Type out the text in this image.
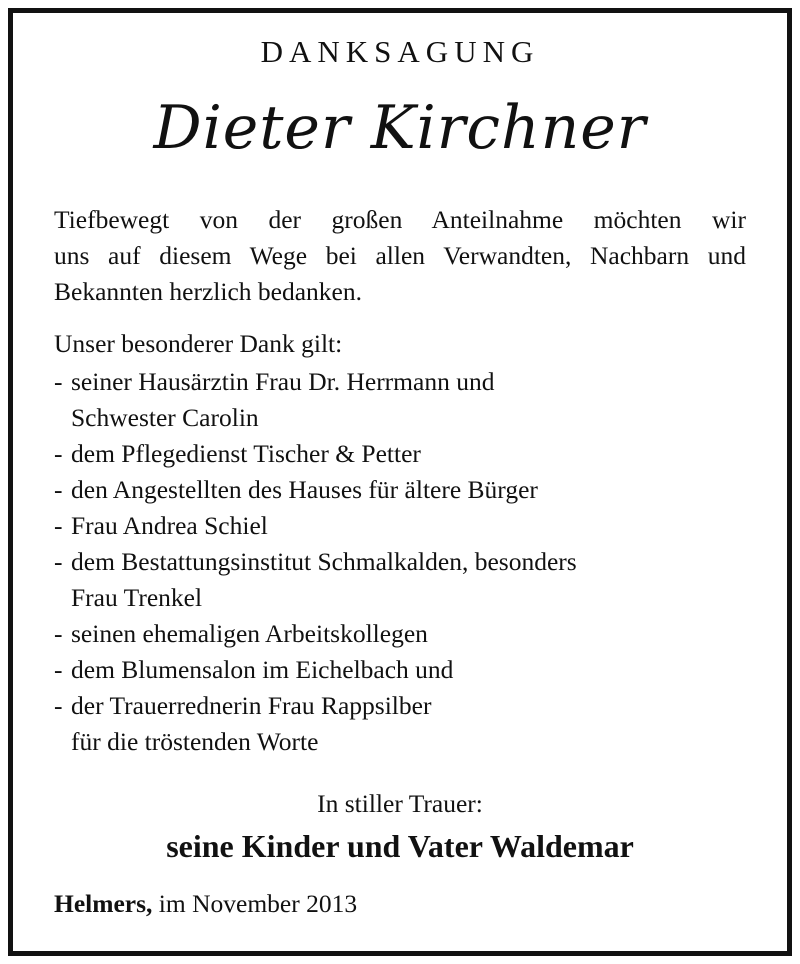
DANKSAGUNG
Dieter Kirchner
Tiefbewegt von der großen Anteilnahme möchten wir
uns auf diesem Wege bei allen Verwandten, Nachbarn und
Bekannten herzlich bedanken.
Unser besonderer Dank gilt:
- seiner Hausärztin Frau Dr. Herrmann und
Schwester Carolin
- dem Pflegedienst Tischer & Petter
- den Angestellten des Hauses für ältere Bürger
- Frau Andrea Schiel
- dem Bestattungsinstitut Schmalkalden, besonders
Frau Trenkel
- seinen ehemaligen Arbeitskollegen
- dem Blumensalon im Eichelbach und
- der Trauerrednerin Frau Rappsilber
für die tröstenden Worte
In stiller Trauer:
seine Kinder und Vater Waldemar
Helmers, im November 2013
